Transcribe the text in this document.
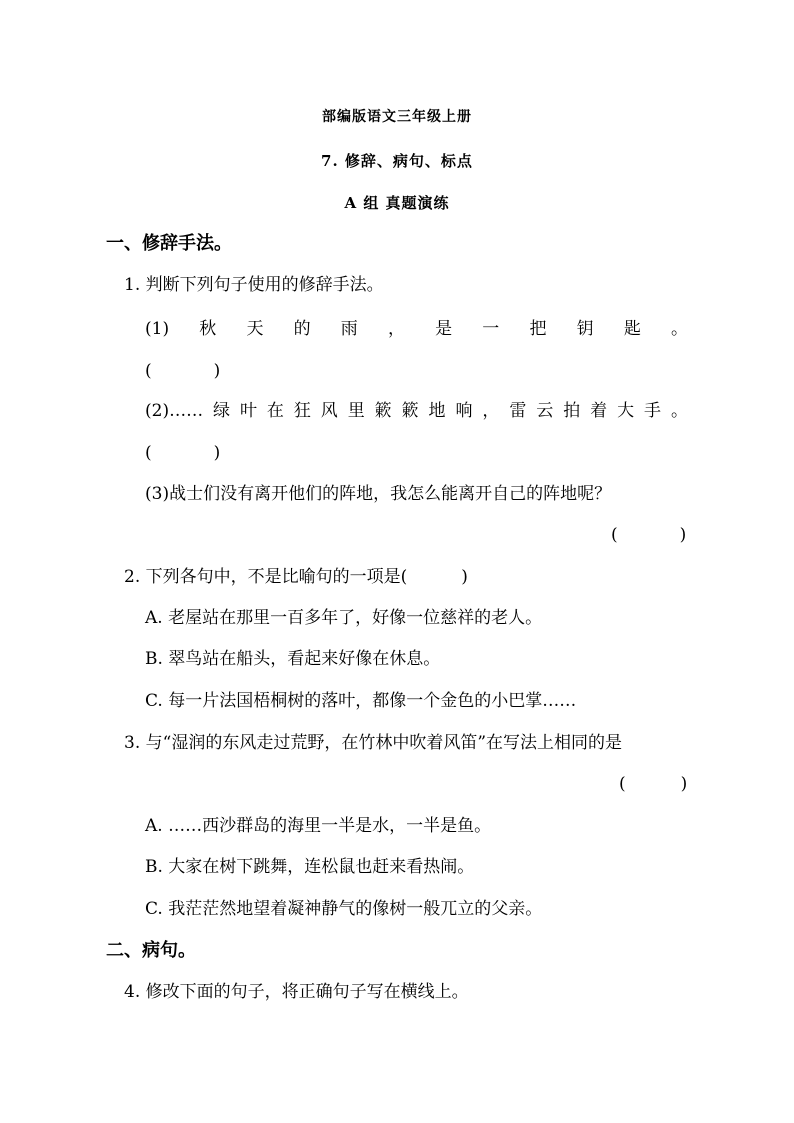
部编版语文三年级上册
7. 修辞、病句、标点
A 组 真题演练
一、修辞手法。
1. 判断下列句子使用的修辞手法。
(1) 秋 天 的 雨 ， 是 一 把 钥 匙 。
(	)
(2)…… 绿 叶 在 狂 风 里 簌 簌 地 响 ， 雷 云 拍 着 大 手 。
(	)
(3)战士们没有离开他们的阵地，我怎么能离开自己的阵地呢？
(	)
2. 下列各句中，不是比喻句的一项是(	)
A. 老屋站在那里一百多年了，好像一位慈祥的老人。
B. 翠鸟站在船头，看起来好像在休息。
C. 每一片法国梧桐树的落叶，都像一个金色的小巴掌……
3. 与“湿润的东风走过荒野，在竹林中吹着风笛”在写法上相同的是
(	)
A. ……西沙群岛的海里一半是水，一半是鱼。
B. 大家在树下跳舞，连松鼠也赶来看热闹。
C. 我茫茫然地望着凝神静气的像树一般兀立的父亲。
二、病句。
4. 修改下面的句子，将正确句子写在横线上。
